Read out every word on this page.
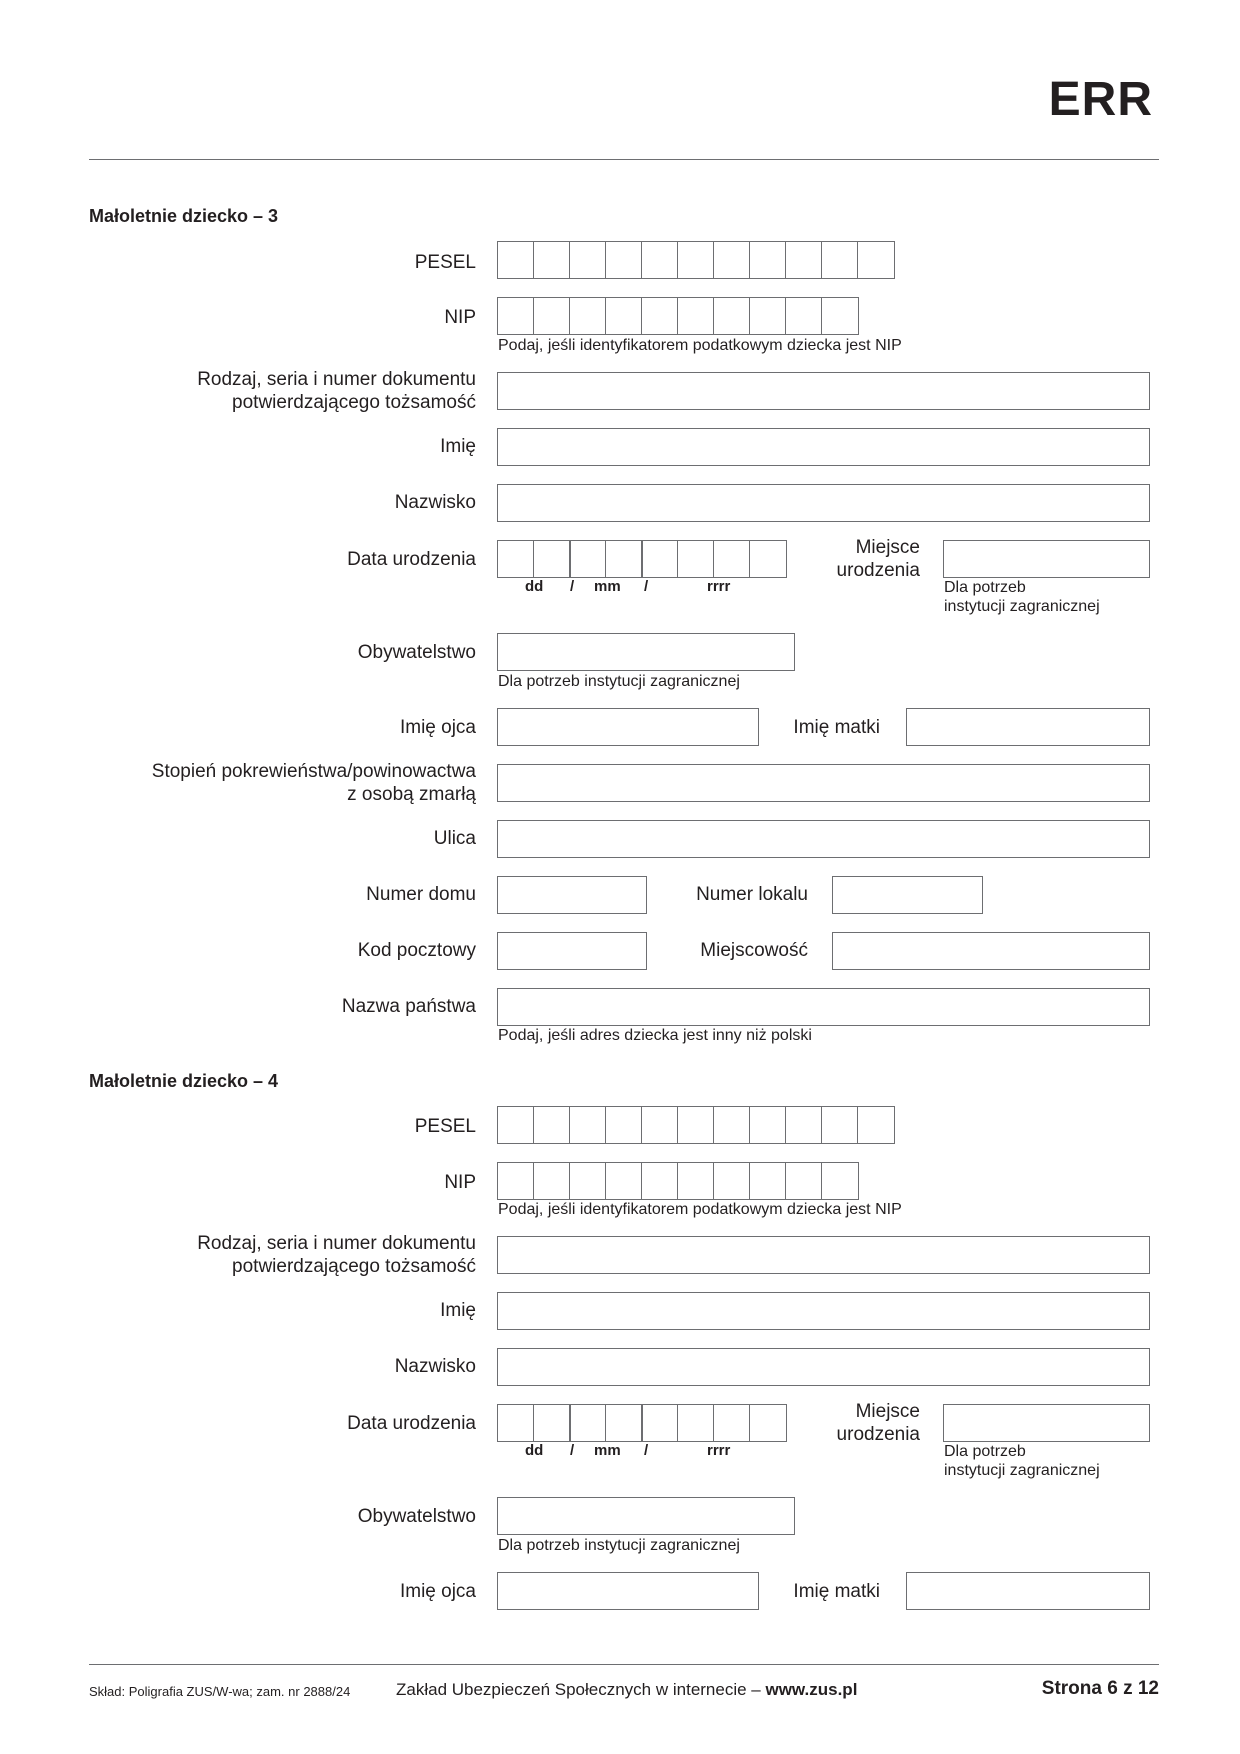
ERR
Małoletnie dziecko – 3
PESEL
NIP
Podaj, jeśli identyfikatorem podatkowym dziecka jest NIP
Rodzaj, seria i numer dokumentu
potwierdzającego tożsamość
Imię
Nazwisko
Data urodzenia
dd / mm /	rrrr
Miejsce
urodzenia
Dla potrzeb
instytucji zagranicznej
Obywatelstwo
Dla potrzeb instytucji zagranicznej
Imię ojca	Imię matki
Stopień pokrewieństwa/powinowactwa
z osobą zmarłą
Ulica
Numer domu	Numer lokalu
Kod pocztowy	Miejscowość
Nazwa państwa
Podaj, jeśli adres dziecka jest inny niż polski
Małoletnie dziecko – 4
PESEL
NIP
Podaj, jeśli identyfikatorem podatkowym dziecka jest NIP
Rodzaj, seria i numer dokumentu
potwierdzającego tożsamość
Imię
Nazwisko
Data urodzenia
dd / mm /	rrrr
Miejsce
urodzenia
Dla potrzeb
instytucji zagranicznej
Obywatelstwo
Dla potrzeb instytucji zagranicznej
Imię ojca	Imię matki
Skład: Poligrafia ZUS/W-wa; zam. nr 2888/24	Zakład Ubezpieczeń Społecznych w internecie – www.zus.pl	Strona 6 z 12
